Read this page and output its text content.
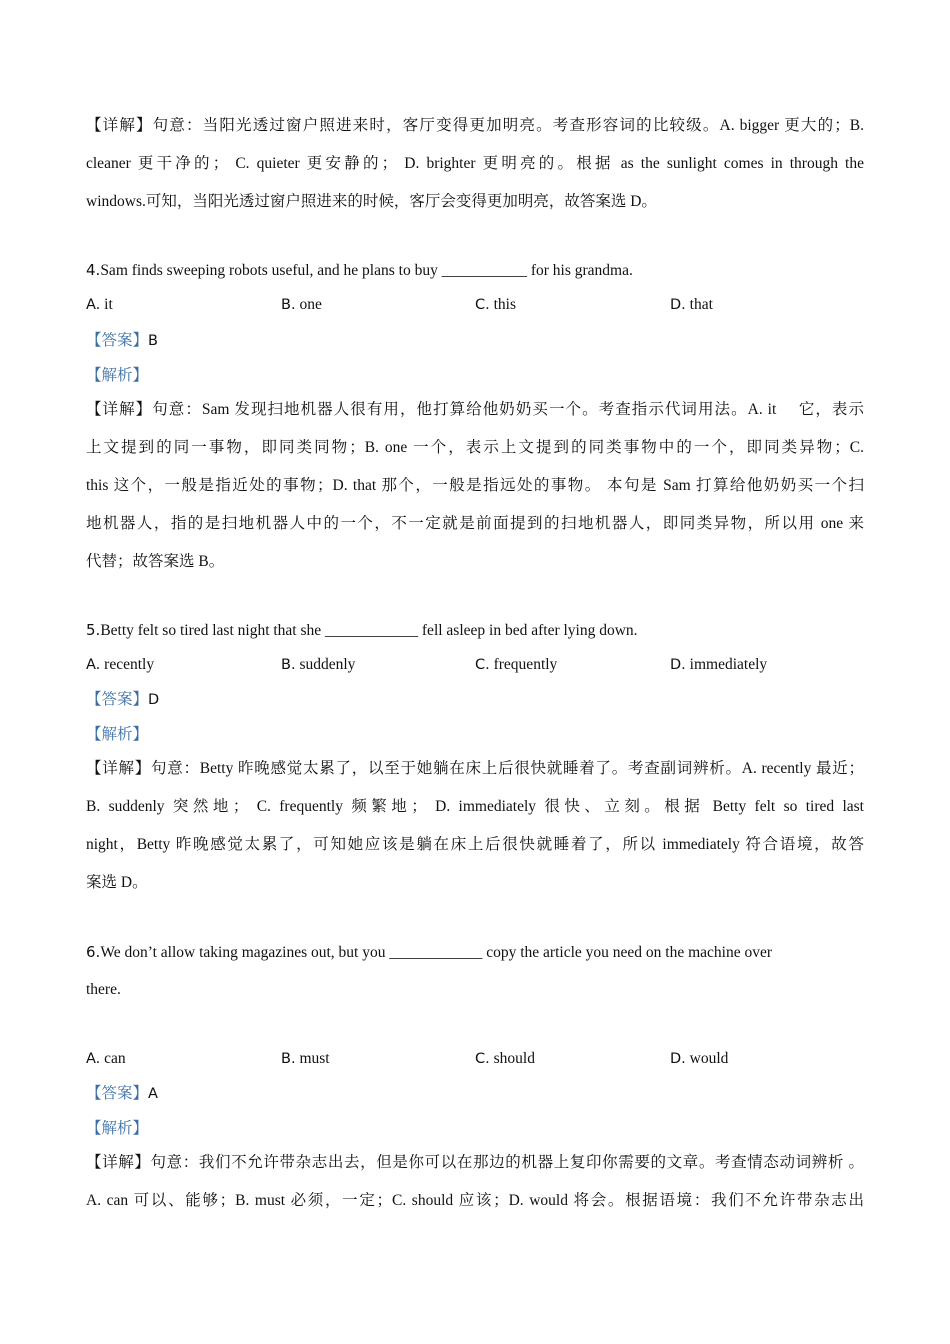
【详解】句意：当阳光透过窗户照进来时，客厅变得更加明亮。考查形容词的比较级。A. bigger 更大的；B.
cleaner 更干净的； C. quieter 更安静的； D. brighter 更明亮的。根据 as the sunlight comes in through the
windows.可知，当阳光透过窗户照进来的时候，客厅会变得更加明亮，故答案选 D。
4.Sam finds sweeping robots useful, and he plans to buy ___________ for his grandma.
A. it	B. one	C. this	D. that
【答案】B
【解析】
【详解】句意：Sam 发现扫地机器人很有用，他打算给他奶奶买一个。考查指示代词用法。A. it　 它，表示
上文提到的同一事物，即同类同物；B. one 一个，表示上文提到的同类事物中的一个，即同类异物；C.
this 这个，一般是指近处的事物；D. that 那个，一般是指远处的事物。 本句是 Sam 打算给他奶奶买一个扫
地机器人，指的是扫地机器人中的一个，不一定就是前面提到的扫地机器人，即同类异物，所以用 one 来
代替；故答案选 B。
5.Betty felt so tired last night that she ____________ fell asleep in bed after lying down.
A. recently	B. suddenly	C. frequently	D. immediately
【答案】D
【解析】
【详解】句意：Betty 昨晚感觉太累了，以至于她躺在床上后很快就睡着了。考查副词辨析。A. recently 最近；
B. suddenly 突然地； C. frequently 频繁地； D. immediately 很快、立刻。根据 Betty felt so tired last
night，Betty 昨晚感觉太累了，可知她应该是躺在床上后很快就睡着了，所以 immediately 符合语境，故答
案选 D。
6.We don’t allow taking magazines out, but you ____________ copy the article you need on the machine over
there.
A. can	B. must	C. should	D. would
【答案】A
【解析】
【详解】句意：我们不允许带杂志出去，但是你可以在那边的机器上复印你需要的文章。考查情态动词辨析 。
A. can 可以、能够；B. must 必须，一定；C. should 应该；D. would 将会。根据语境：我们不允许带杂志出
